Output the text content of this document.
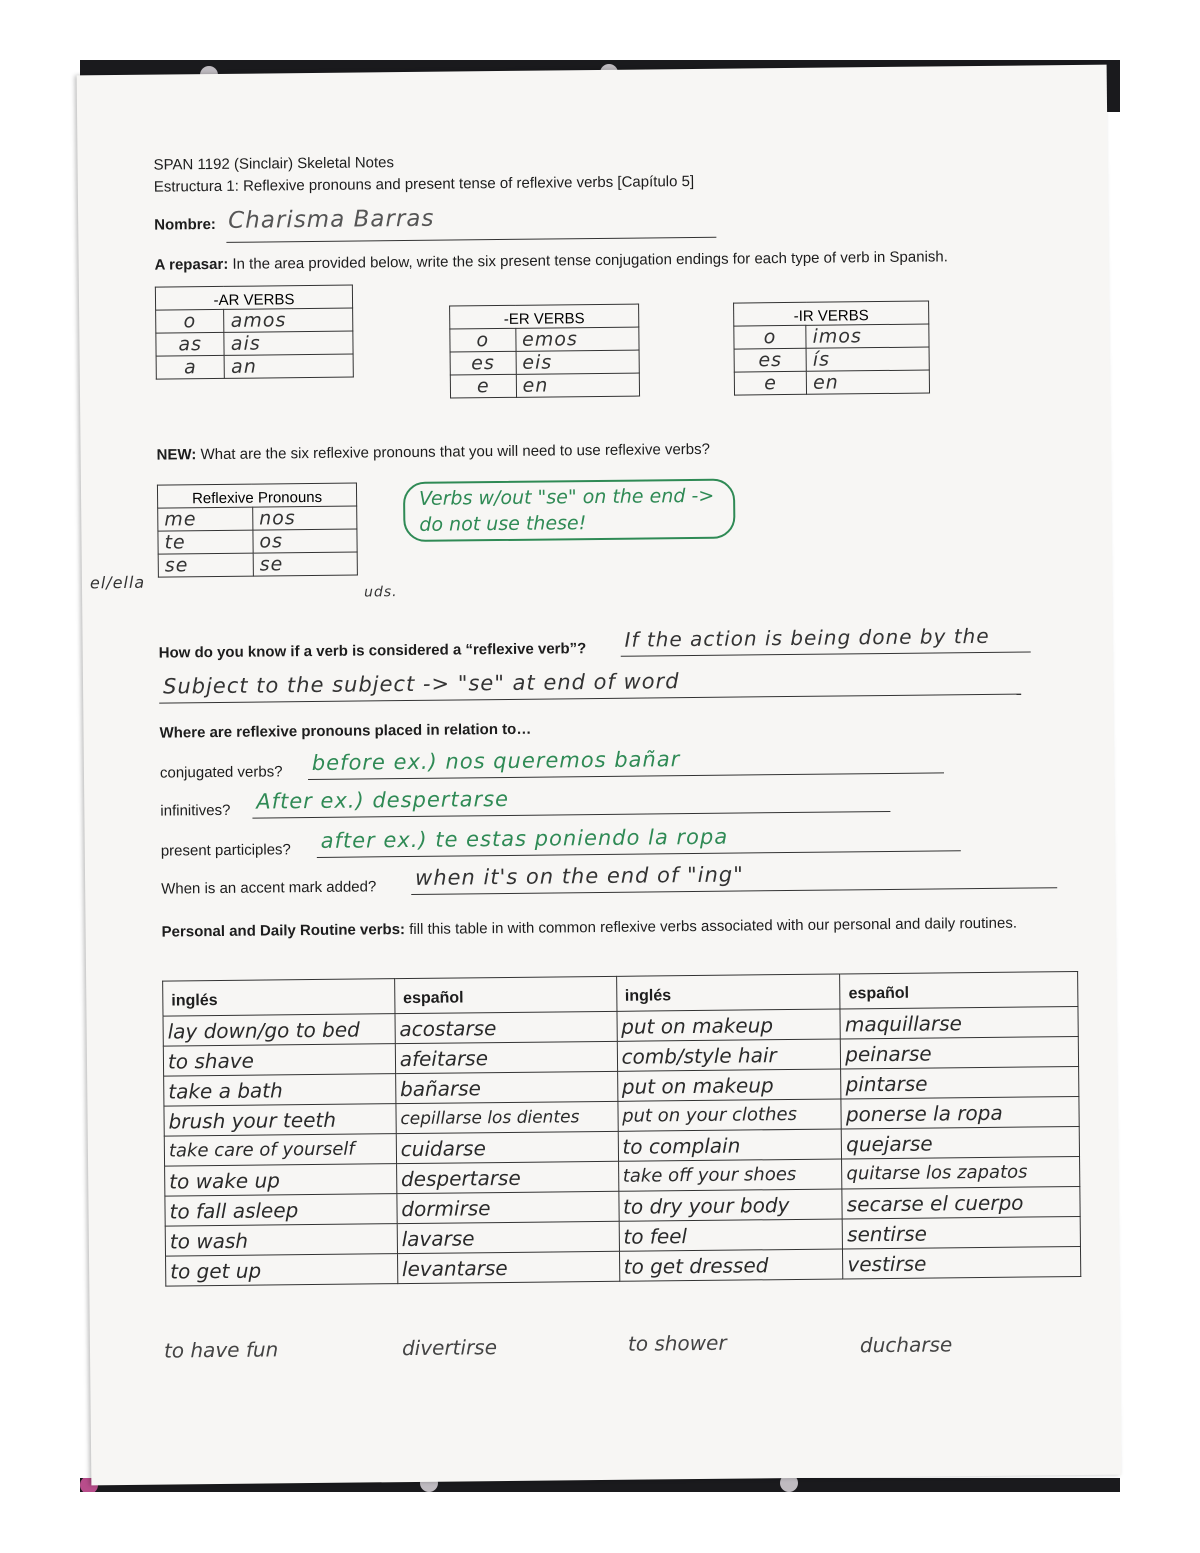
SPAN 1192 (Sinclair) Skeletal Notes
Estructura 1: Reflexive pronouns and present tense of reflexive verbs [Capítulo 5]
Nombre: Charisma Barras
A repasar: In the area provided below, write the six present tense conjugation endings for each type of verb in Spanish.
-AR VERBS	
o	amos
as	ais
a	an
-ER VERBS	
o	emos
es	eis
e	en
-IR VERBS	
o	imos
es	ís
e	en
NEW: What are the six reflexive pronouns that you will need to use reflexive verbs?
Reflexive Pronouns	
me	nos
te	os
se	se
el/ella	uds.
Verbs w/out "se" on the end -> do not use these!
How do you know if a verb is considered a “reflexive verb”? If the action is being done by the
Subject to the subject -> "se" at end of word
Where are reflexive pronouns placed in relation to…
conjugated verbs? before ex.) nos queremos bañar
infinitives? After ex.) despertarse
present participles? after ex.) te estas poniendo la ropa
When is an accent mark added? when it's on the end of "ing"
Personal and Daily Routine verbs: fill this table in with common reflexive verbs associated with our personal and daily routines.
inglés	español	inglés	español
lay down/go to bed	acostarse	put on makeup	maquillarse
to shave	afeitarse	comb/style hair	peinarse
take a bath	bañarse	put on makeup	pintarse
brush your teeth	cepillarse los dientes	put on your clothes	ponerse la ropa
take care of yourself	cuidarse	to complain	quejarse
to wake up	despertarse	take off your shoes	quitarse los zapatos
to fall asleep	dormirse	to dry your body	secarse el cuerpo
to wash	lavarse	to feel	sentirse
to get up	levantarse	to get dressed	vestirse
to have fun	divertirse	to shower	ducharse
